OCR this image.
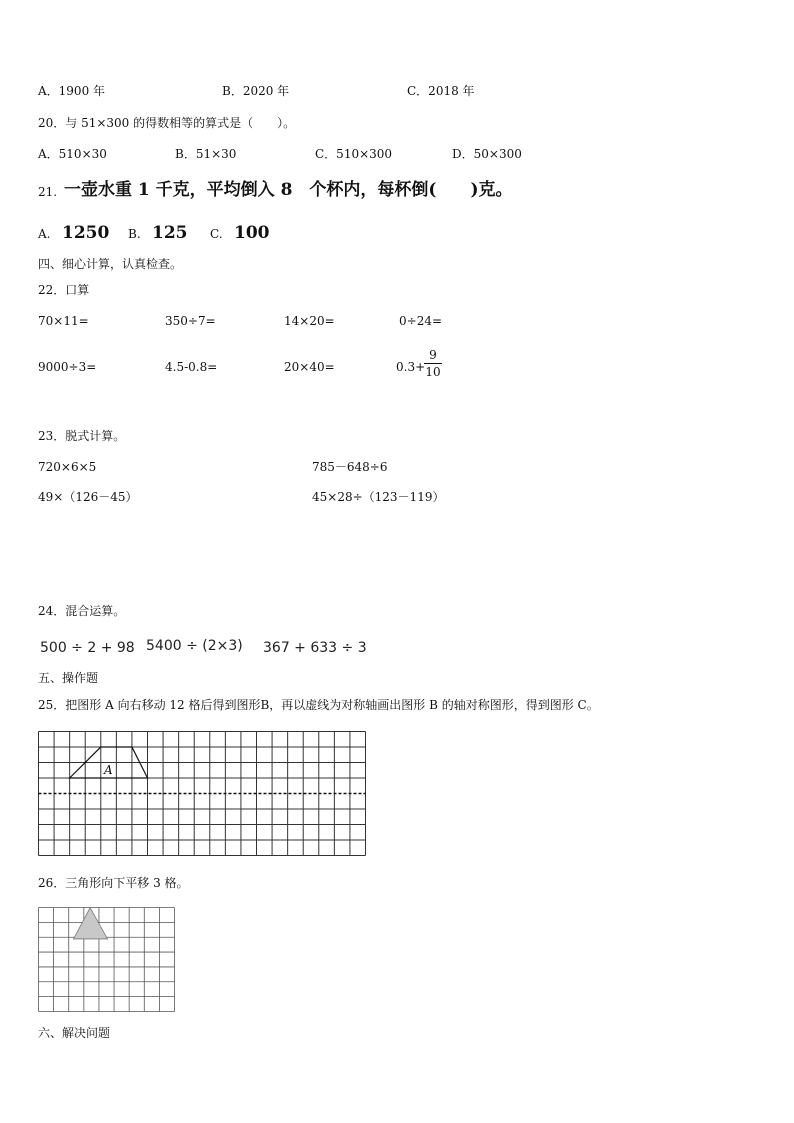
A．1900 年	B．2020 年	C．2018 年
20．与 51×300 的得数相等的算式是（　　）。
A．510×30	B．51×30	C．510×300	D．50×300
21. 一壶水重 1 千克，平均倒入 8　个杯内，每杯倒(　　)克。
A. 1250 B. 125 C. 100
四、细心计算，认真检查。
22．口算
70×11=	350÷7=	14×20=	0÷24=
9000÷3=	4.5-0.8=	20×40=	0.3+
9
10
23．脱式计算。
720×6×5	785－648÷6
49×（126－45）	45×28÷（123－119）
24．混合运算。
500 ÷ 2 + 98 5400 ÷ (2×3) 367 + 633 ÷ 3
五、操作题
25．把图形 A 向右移动 12 格后得到图形B，再以虚线为对称轴画出图形 B 的轴对称图形，得到图形 C。
A
26．三角形向下平移 3 格。
六、解决问题
